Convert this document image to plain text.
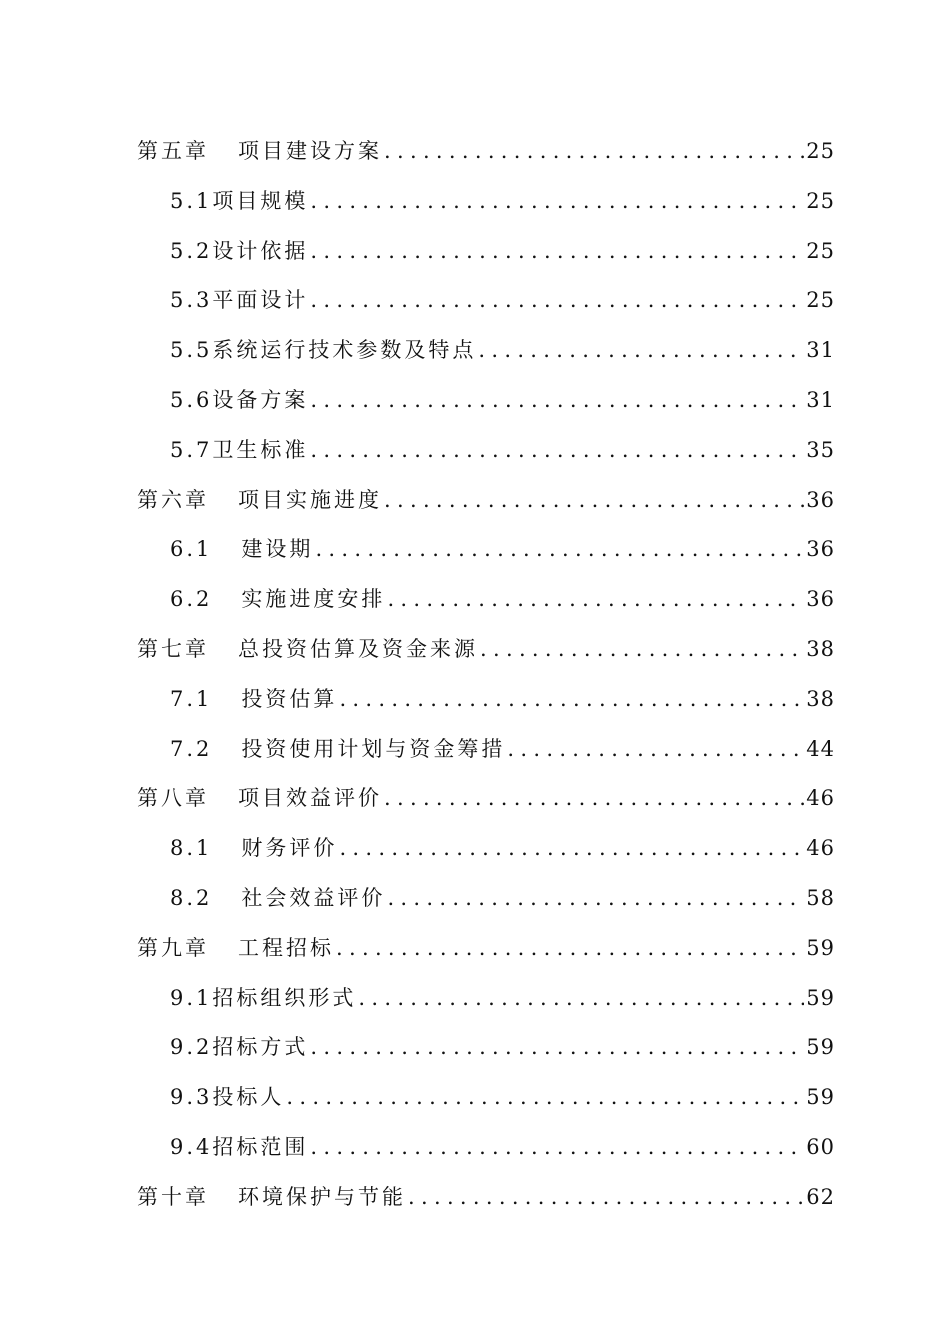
第五章   项目建设方案 .....	25
5.1项目规模 .....	25
5.2设计依据 .....	25
5.3平面设计 .....	25
5.5系统运行技术参数及特点 .....	31
5.6设备方案 .....	31
5.7卫生标准 .....	35
第六章   项目实施进度 .....	36
6.1   建设期 .....	36
6.2   实施进度安排 .....	36
第七章   总投资估算及资金来源 .....	38
7.1   投资估算 .....	38
7.2   投资使用计划与资金筹措 .....	44
第八章   项目效益评价 .....	46
8.1   财务评价 .....	46
8.2   社会效益评价 .....	58
第九章   工程招标 .....	59
9.1招标组织形式 .....	59
9.2招标方式 .....	59
9.3投标人 .....	59
9.4招标范围 .....	60
第十章   环境保护与节能 .....	62
